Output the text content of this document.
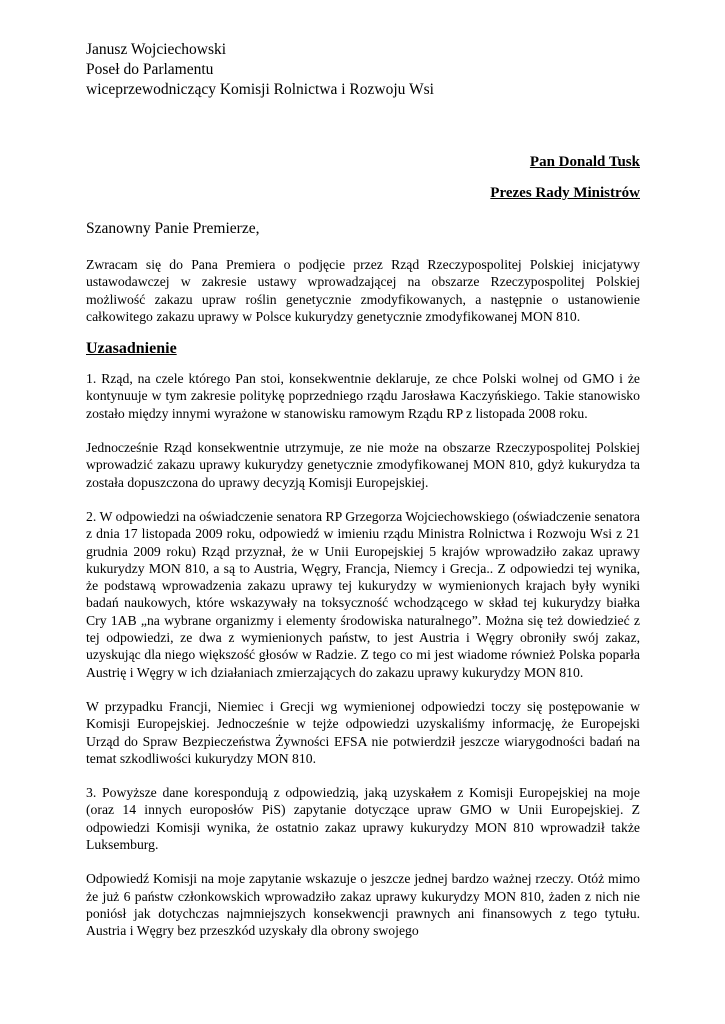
Janusz Wojciechowski
Poseł do Parlamentu
wiceprzewodniczący Komisji Rolnictwa i Rozwoju Wsi
Pan Donald Tusk
Prezes Rady Ministrów
Szanowny Panie Premierze,

Zwracam się do Pana Premiera o podjęcie przez Rząd Rzeczypospolitej Polskiej inicjatywy ustawodawczej w zakresie ustawy wprowadzającej na obszarze Rzeczypospolitej Polskiej możliwość zakazu upraw roślin genetycznie zmodyfikowanych, a następnie o ustanowienie całkowitego zakazu uprawy w Polsce kukurydzy genetycznie zmodyfikowanej MON 810.

Uzasadnienie

1. Rząd, na czele którego Pan stoi, konsekwentnie deklaruje, ze chce Polski wolnej od GMO i że kontynuuje w tym zakresie politykę poprzedniego rządu Jarosława Kaczyńskiego. Takie stanowisko zostało między innymi wyrażone w stanowisku ramowym Rządu RP z listopada 2008 roku.

Jednocześnie Rząd konsekwentnie utrzymuje, ze nie może na obszarze Rzeczypospolitej Polskiej wprowadzić zakazu uprawy kukurydzy genetycznie zmodyfikowanej MON 810, gdyż kukurydza ta została dopuszczona do uprawy decyzją Komisji Europejskiej.

2. W odpowiedzi na oświadczenie senatora RP Grzegorza Wojciechowskiego (oświadczenie senatora z dnia 17 listopada 2009 roku, odpowiedź w imieniu rządu Ministra Rolnictwa i Rozwoju Wsi z 21 grudnia 2009 roku) Rząd przyznał, że w Unii Europejskiej 5 krajów wprowadziło zakaz uprawy kukurydzy MON 810, a są to Austria, Węgry, Francja, Niemcy i Grecja.. Z odpowiedzi tej wynika, że podstawą wprowadzenia zakazu uprawy tej kukurydzy w wymienionych krajach były wyniki badań naukowych, które wskazywały na toksyczność wchodzącego w skład tej kukurydzy białka Cry 1AB „na wybrane organizmy i elementy środowiska naturalnego”. Można się też dowiedzieć z tej odpowiedzi, ze dwa z wymienionych państw, to jest Austria i Węgry obroniły swój zakaz, uzyskując dla niego większość głosów w Radzie. Z tego co mi jest wiadome również Polska poparła Austrię i Węgry w ich działaniach zmierzających do zakazu uprawy kukurydzy MON 810.

W przypadku Francji, Niemiec i Grecji wg wymienionej odpowiedzi toczy się postępowanie w Komisji Europejskiej. Jednocześnie w tejże odpowiedzi uzyskaliśmy informację, że Europejski Urząd do Spraw Bezpieczeństwa Żywności EFSA nie potwierdził jeszcze wiarygodności badań na temat szkodliwości kukurydzy MON 810.

3. Powyższe dane korespondują z odpowiedzią, jaką uzyskałem z Komisji Europejskiej na moje (oraz 14 innych europosłów PiS) zapytanie dotyczące upraw GMO w Unii Europejskiej. Z odpowiedzi Komisji wynika, że ostatnio zakaz uprawy kukurydzy MON 810 wprowadził także Luksemburg.

Odpowiedź Komisji na moje zapytanie wskazuje o jeszcze jednej bardzo ważnej rzeczy. Otóż mimo że już 6 państw członkowskich wprowadziło zakaz uprawy kukurydzy MON 810, żaden z nich nie poniósł jak dotychczas najmniejszych konsekwencji prawnych ani finansowych z tego tytułu. Austria i Węgry bez przeszkód uzyskały dla obrony swojego
